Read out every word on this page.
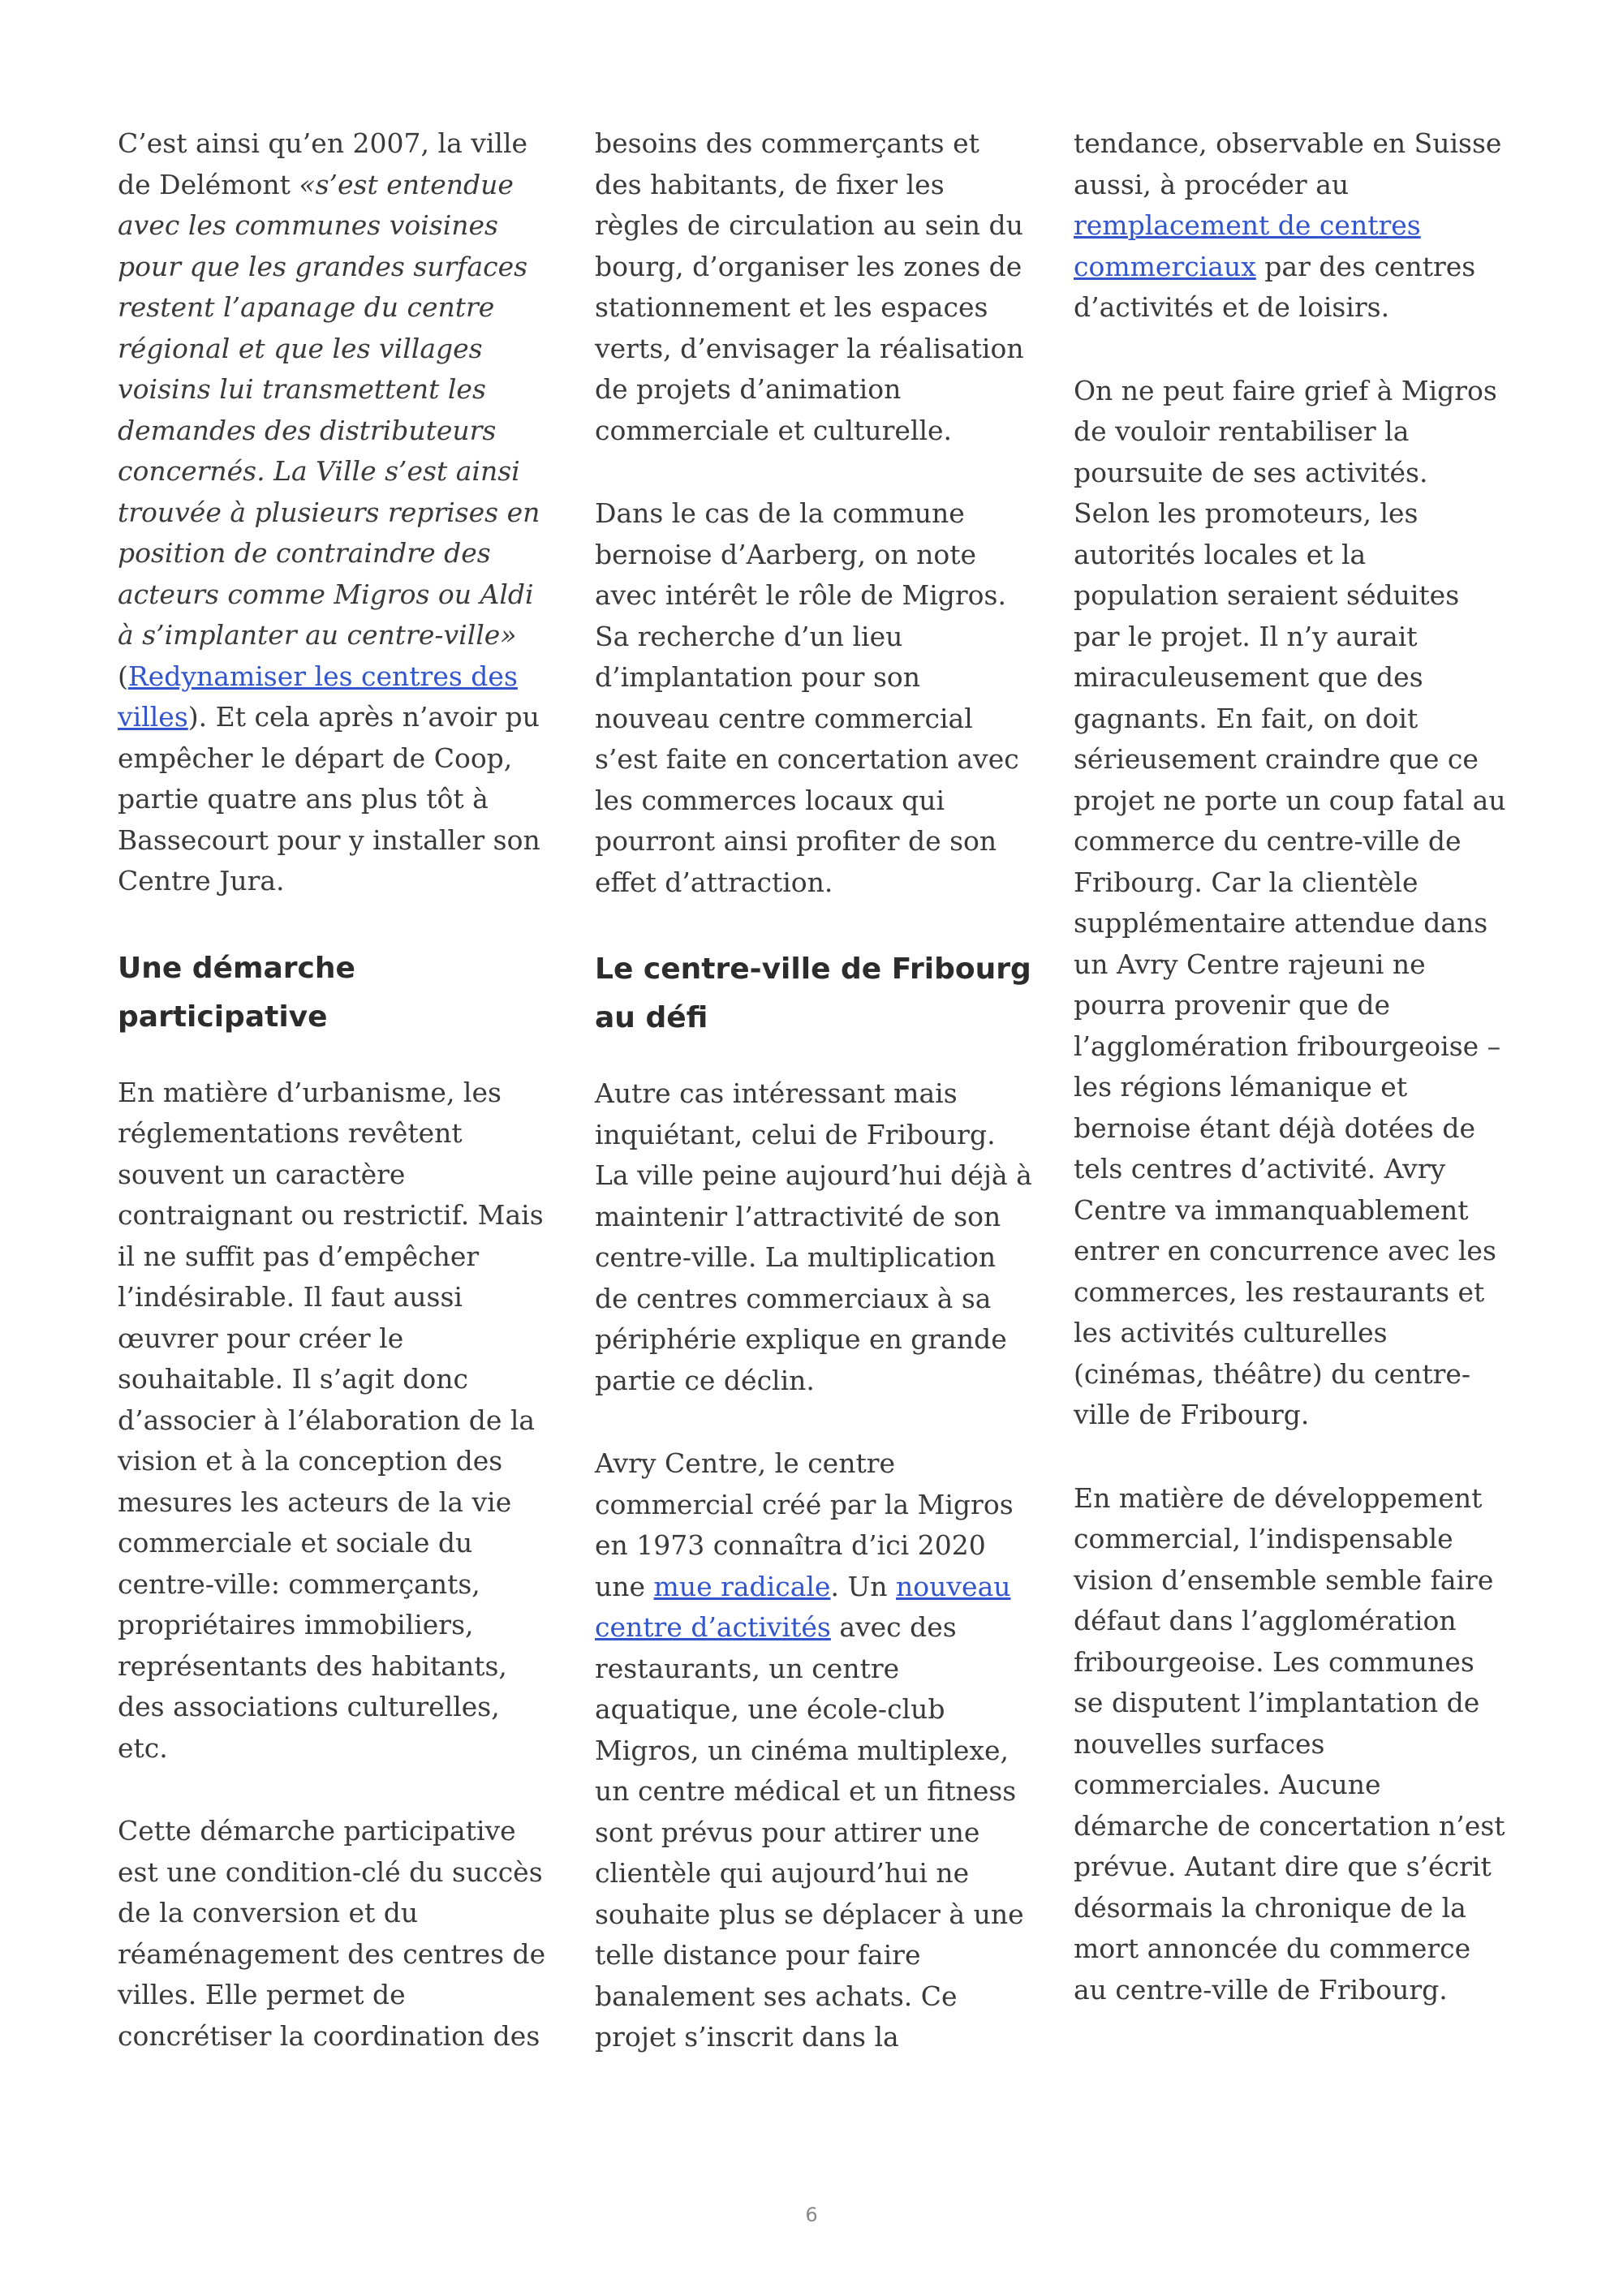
C’est ainsi qu’en 2007, la ville de Delémont «s’est entendue avec les communes voisines pour que les grandes surfaces restent l’apanage du centre régional et que les villages voisins lui transmettent les demandes des distributeurs concernés. La Ville s’est ainsi trouvée à plusieurs reprises en position de contraindre des acteurs comme Migros ou Aldi à s’implanter au centre-ville» (Redynamiser les centres des villes). Et cela après n’avoir pu empêcher le départ de Coop, partie quatre ans plus tôt à Bassecourt pour y installer son Centre Jura.

Une démarche participative

En matière d’urbanisme, les réglementations revêtent souvent un caractère contraignant ou restrictif. Mais il ne suffit pas d’empêcher l’indésirable. Il faut aussi œuvrer pour créer le souhaitable. Il s’agit donc d’associer à l’élaboration de la vision et à la conception des mesures les acteurs de la vie commerciale et sociale du centre-ville: commerçants, propriétaires immobiliers, représentants des habitants, des associations culturelles, etc.

Cette démarche participative est une condition-clé du succès de la conversion et du réaménagement des centres de villes. Elle permet de concrétiser la coordination des

besoins des commerçants et des habitants, de fixer les règles de circulation au sein du bourg, d’organiser les zones de stationnement et les espaces verts, d’envisager la réalisation de projets d’animation commerciale et culturelle.

Dans le cas de la commune bernoise d’Aarberg, on note avec intérêt le rôle de Migros. Sa recherche d’un lieu d’implantation pour son nouveau centre commercial s’est faite en concertation avec les commerces locaux qui pourront ainsi profiter de son effet d’attraction.

Le centre-ville de Fribourg au défi

Autre cas intéressant mais inquiétant, celui de Fribourg. La ville peine aujourd’hui déjà à maintenir l’attractivité de son centre-ville. La multiplication de centres commerciaux à sa périphérie explique en grande partie ce déclin.

Avry Centre, le centre commercial créé par la Migros en 1973 connaîtra d’ici 2020 une mue radicale. Un nouveau centre d’activités avec des restaurants, un centre aquatique, une école-club Migros, un cinéma multiplexe, un centre médical et un fitness sont prévus pour attirer une clientèle qui aujourd’hui ne souhaite plus se déplacer à une telle distance pour faire banalement ses achats. Ce projet s’inscrit dans la

tendance, observable en Suisse aussi, à procéder au remplacement de centres commerciaux par des centres d’activités et de loisirs.

On ne peut faire grief à Migros de vouloir rentabiliser la poursuite de ses activités. Selon les promoteurs, les autorités locales et la population seraient séduites par le projet. Il n’y aurait miraculeusement que des gagnants. En fait, on doit sérieusement craindre que ce projet ne porte un coup fatal au commerce du centre-ville de Fribourg. Car la clientèle supplémentaire attendue dans un Avry Centre rajeuni ne pourra provenir que de l’agglomération fribourgeoise – les régions lémanique et bernoise étant déjà dotées de tels centres d’activité. Avry Centre va immanquablement entrer en concurrence avec les commerces, les restaurants et les activités culturelles (cinémas, théâtre) du centre-ville de Fribourg.

En matière de développement commercial, l’indispensable vision d’ensemble semble faire défaut dans l’agglomération fribourgeoise. Les communes se disputent l’implantation de nouvelles surfaces commerciales. Aucune démarche de concertation n’est prévue. Autant dire que s’écrit désormais la chronique de la mort annoncée du commerce au centre-ville de Fribourg.

6
